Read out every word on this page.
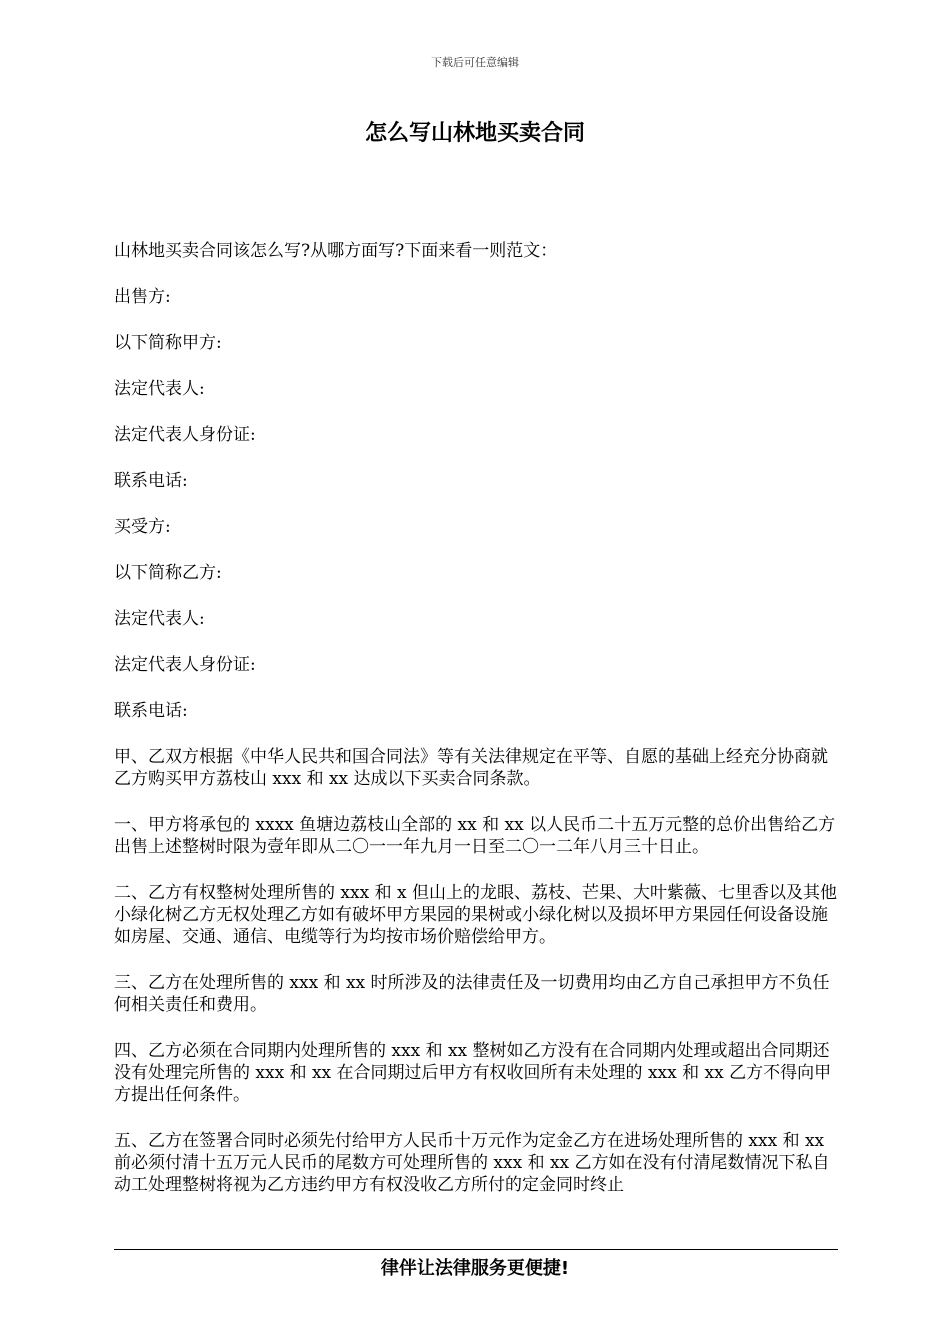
下载后可任意编辑
怎么写山林地买卖合同
山林地买卖合同该怎么写?从哪方面写?下面来看一则范文：
出售方:
以下简称甲方:
法定代表人:
法定代表人身份证:
联系电话:
买受方:
以下简称乙方:
法定代表人:
法定代表人身份证:
联系电话:

甲、乙双方根据《中华人民共和国合同法》等有关法律规定在平等、自愿的基础上经充分协商就乙方购买甲方荔枝山 xxx 和 xx 达成以下买卖合同条款。

一、甲方将承包的 xxxx 鱼塘边荔枝山全部的 xx 和 xx 以人民币二十五万元整的总价出售给乙方出售上述整树时限为壹年即从二〇一一年九月一日至二〇一二年八月三十日止。

二、乙方有权整树处理所售的 xxx 和 x 但山上的龙眼、荔枝、芒果、大叶紫薇、七里香以及其他小绿化树乙方无权处理乙方如有破坏甲方果园的果树或小绿化树以及损坏甲方果园任何设备设施如房屋、交通、通信、电缆等行为均按市场价赔偿给甲方。

三、乙方在处理所售的 xxx 和 xx 时所涉及的法律责任及一切费用均由乙方自己承担甲方不负任何相关责任和费用。

四、乙方必须在合同期内处理所售的 xxx 和 xx 整树如乙方没有在合同期内处理或超出合同期还没有处理完所售的 xxx 和 xx 在合同期过后甲方有权收回所有未处理的 xxx 和 xx 乙方不得向甲方提出任何条件。

五、乙方在签署合同时必须先付给甲方人民币十万元作为定金乙方在进场处理所售的 xxx 和 xx 前必须付清十五万元人民币的尾数方可处理所售的 xxx 和 xx 乙方如在没有付清尾数情况下私自动工处理整树将视为乙方违约甲方有权没收乙方所付的定金同时终止

律伴让法律服务更便捷!
